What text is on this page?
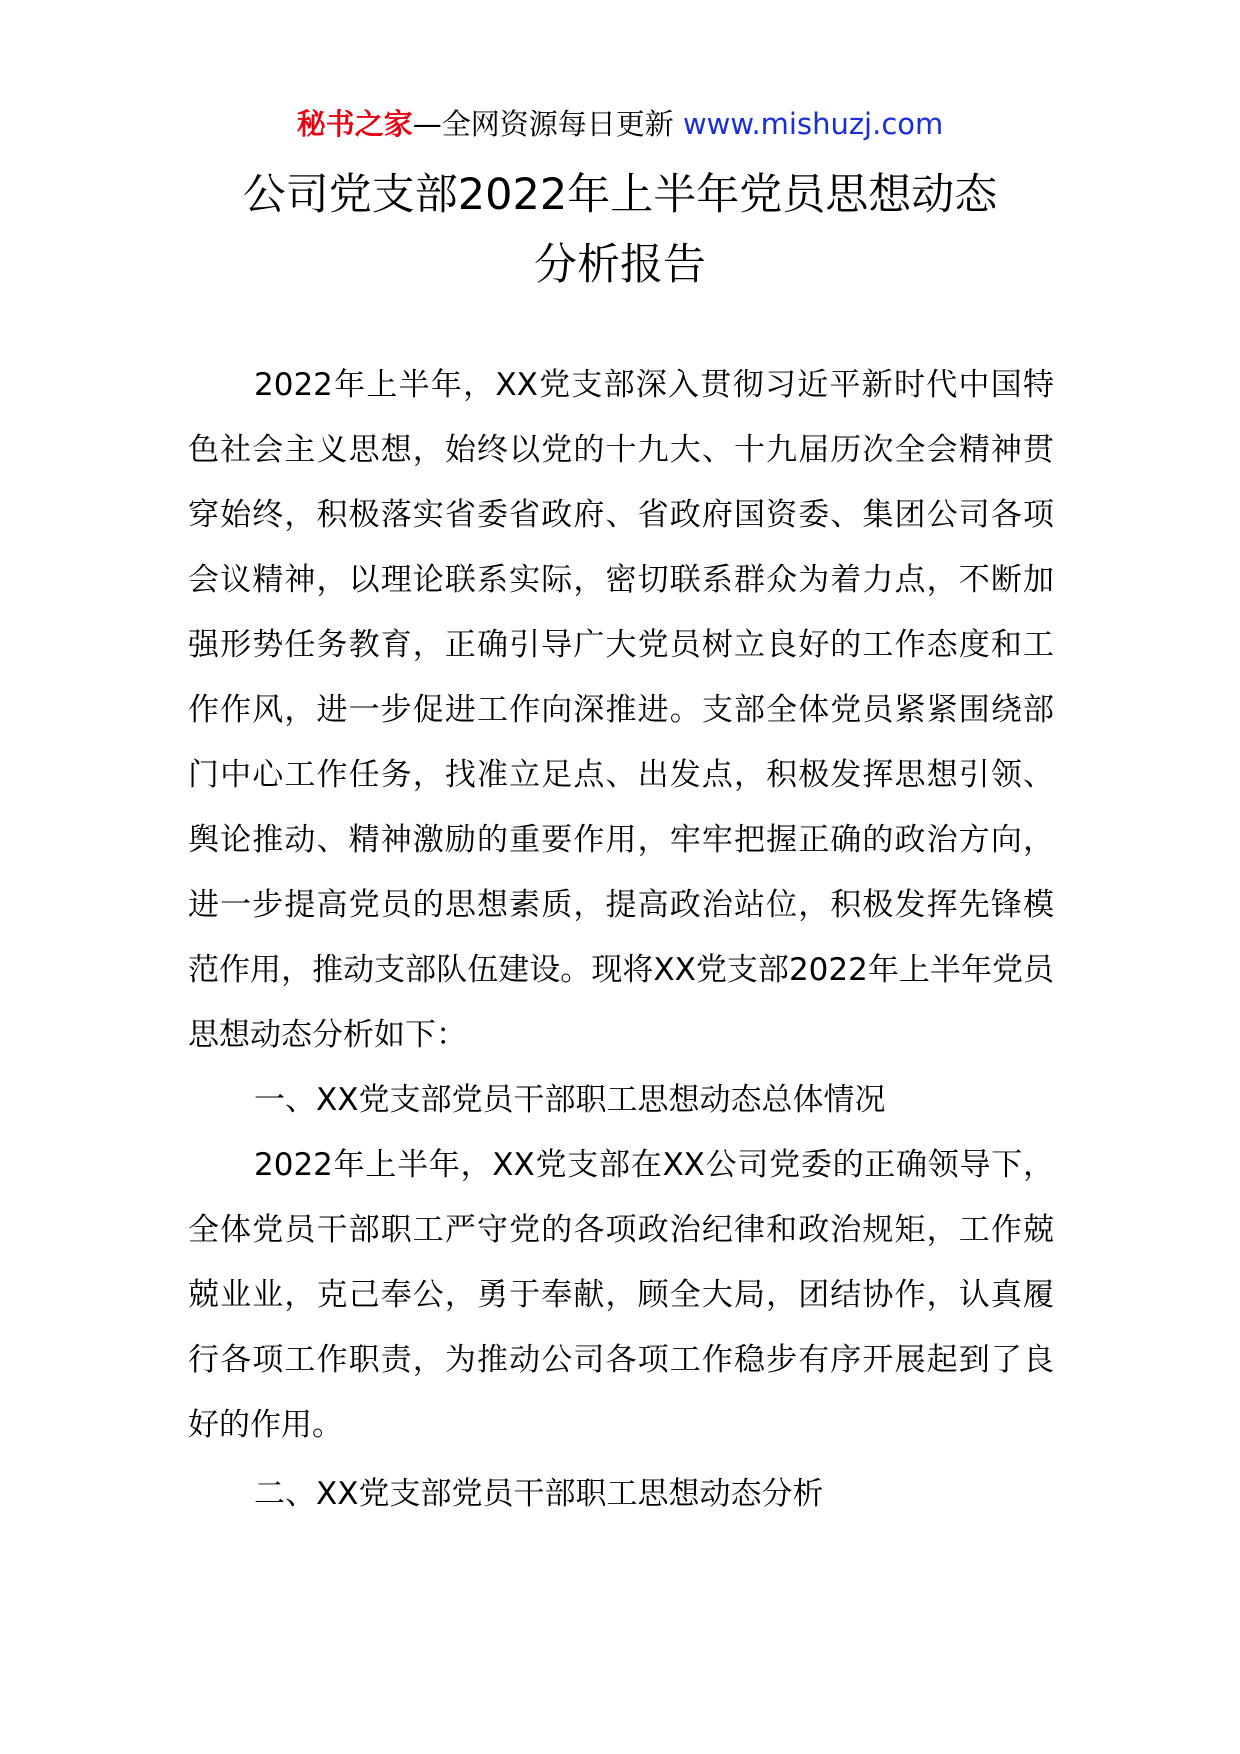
秘书之家—全网资源每日更新 www.mishuzj.com
公司党支部2022年上半年党员思想动态
分析报告

2022年上半年，XX党支部深入贯彻习近平新时代中国特色社会主义思想，始终以党的十九大、十九届历次全会精神贯穿始终，积极落实省委省政府、省政府国资委、集团公司各项会议精神，以理论联系实际，密切联系群众为着力点，不断加强形势任务教育，正确引导广大党员树立良好的工作态度和工作作风，进一步促进工作向深推进。支部全体党员紧紧围绕部门中心工作任务，找准立足点、出发点，积极发挥思想引领、舆论推动、精神激励的重要作用，牢牢把握正确的政治方向，进一步提高党员的思想素质，提高政治站位，积极发挥先锋模范作用，推动支部队伍建设。现将XX党支部2022年上半年党员思想动态分析如下：

一、XX党支部党员干部职工思想动态总体情况

2022年上半年，XX党支部在XX公司党委的正确领导下，全体党员干部职工严守党的各项政治纪律和政治规矩，工作兢兢业业，克己奉公，勇于奉献，顾全大局，团结协作，认真履行各项工作职责，为推动公司各项工作稳步有序开展起到了良好的作用。

二、XX党支部党员干部职工思想动态分析
